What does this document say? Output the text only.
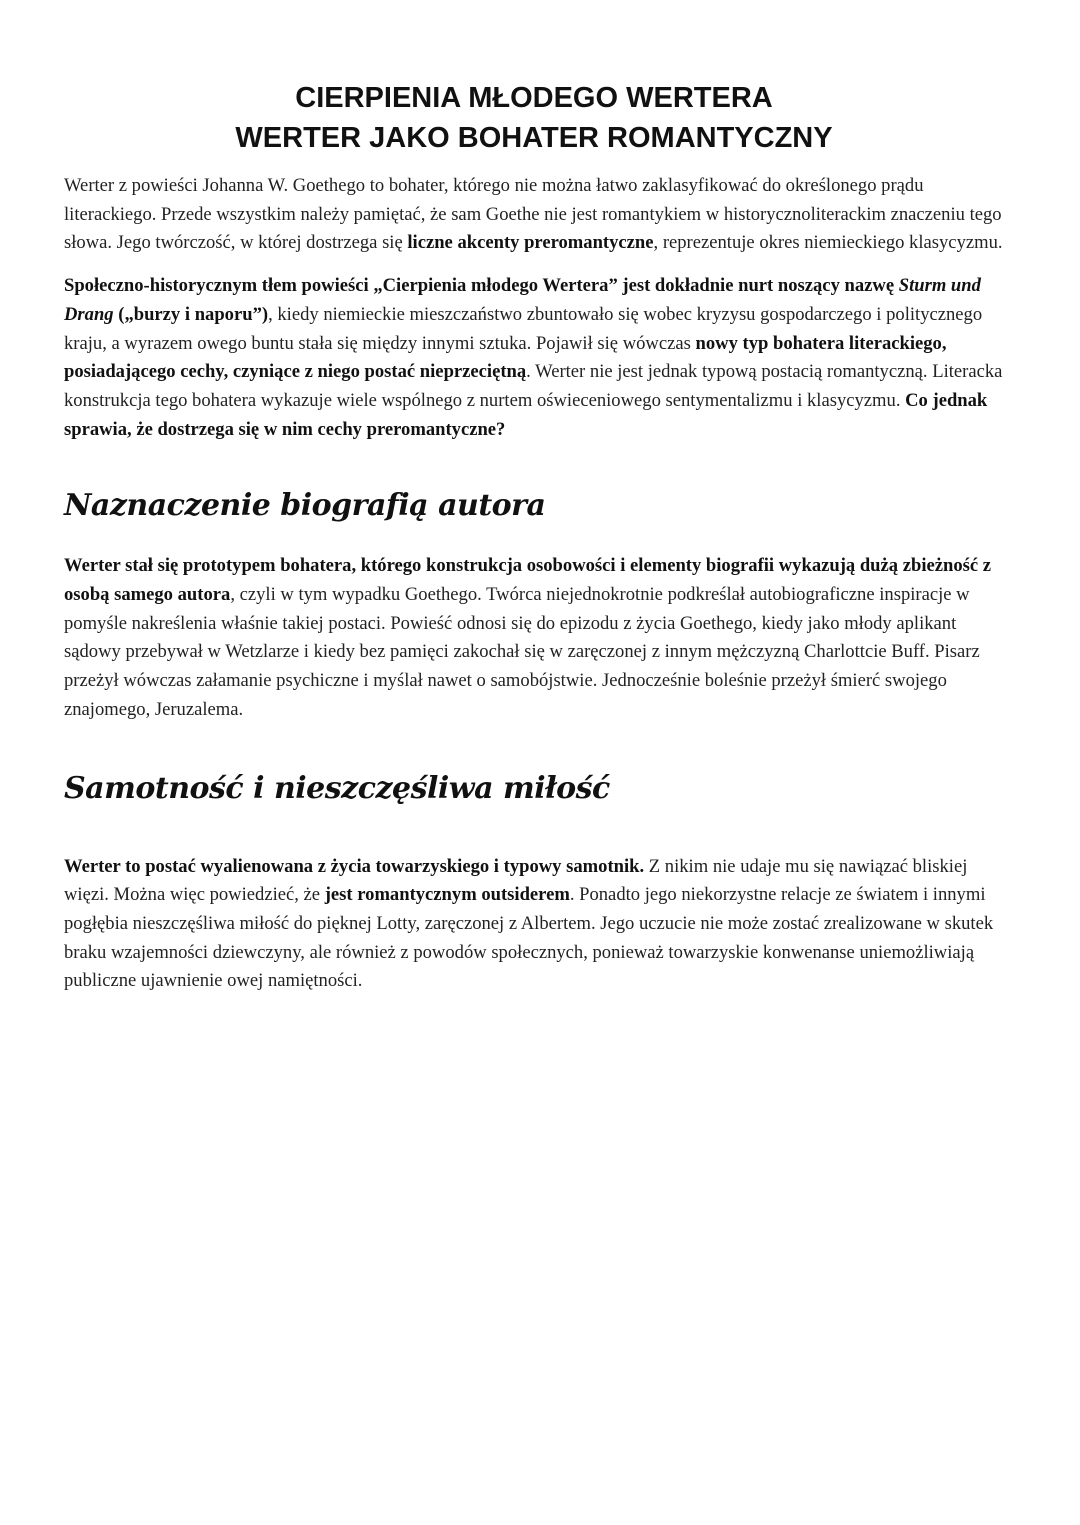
CIERPIENIA MŁODEGO WERTERA
WERTER JAKO BOHATER ROMANTYCZNY

Werter z powieści Johanna W. Goethego to bohater, którego nie można łatwo zaklasyfikować do określonego prądu literackiego. Przede wszystkim należy pamiętać, że sam Goethe nie jest romantykiem w historycznoliterackim znaczeniu tego słowa. Jego twórczość, w której dostrzega się liczne akcenty preromantyczne, reprezentuje okres niemieckiego klasycyzmu.

Społeczno-historycznym tłem powieści „Cierpienia młodego Wertera” jest dokładnie nurt noszący nazwę Sturm und Drang („burzy i naporu”), kiedy niemieckie mieszczaństwo zbuntowało się wobec kryzysu gospodarczego i politycznego kraju, a wyrazem owego buntu stała się między innymi sztuka. Pojawił się wówczas nowy typ bohatera literackiego, posiadającego cechy, czyniące z niego postać nieprzeciętną. Werter nie jest jednak typową postacią romantyczną. Literacka konstrukcja tego bohatera wykazuje wiele wspólnego z nurtem oświeceniowego sentymentalizmu i klasycyzmu. Co jednak sprawia, że dostrzega się w nim cechy preromantyczne?

Naznaczenie biografią autora

Werter stał się prototypem bohatera, którego konstrukcja osobowości i elementy biografii wykazują dużą zbieżność z osobą samego autora, czyli w tym wypadku Goethego. Twórca niejednokrotnie podkreślał autobiograficzne inspiracje w pomyśle nakreślenia właśnie takiej postaci. Powieść odnosi się do epizodu z życia Goethego, kiedy jako młody aplikant sądowy przebywał w Wetzlarze i kiedy bez pamięci zakochał się w zaręczonej z innym mężczyzną Charlottcie Buff. Pisarz przeżył wówczas załamanie psychiczne i myślał nawet o samobójstwie. Jednocześnie boleśnie przeżył śmierć swojego znajomego, Jeruzalema.

Samotność i nieszczęśliwa miłość

Werter to postać wyalienowana z życia towarzyskiego i typowy samotnik. Z nikim nie udaje mu się nawiązać bliskiej więzi. Można więc powiedzieć, że jest romantycznym outsiderem. Ponadto jego niekorzystne relacje ze światem i innymi pogłębia nieszczęśliwa miłość do pięknej Lotty, zaręczonej z Albertem. Jego uczucie nie może zostać zrealizowane w skutek braku wzajemności dziewczyny, ale również z powodów społecznych, ponieważ towarzyskie konwenanse uniemożliwiają publiczne ujawnienie owej namiętności.
